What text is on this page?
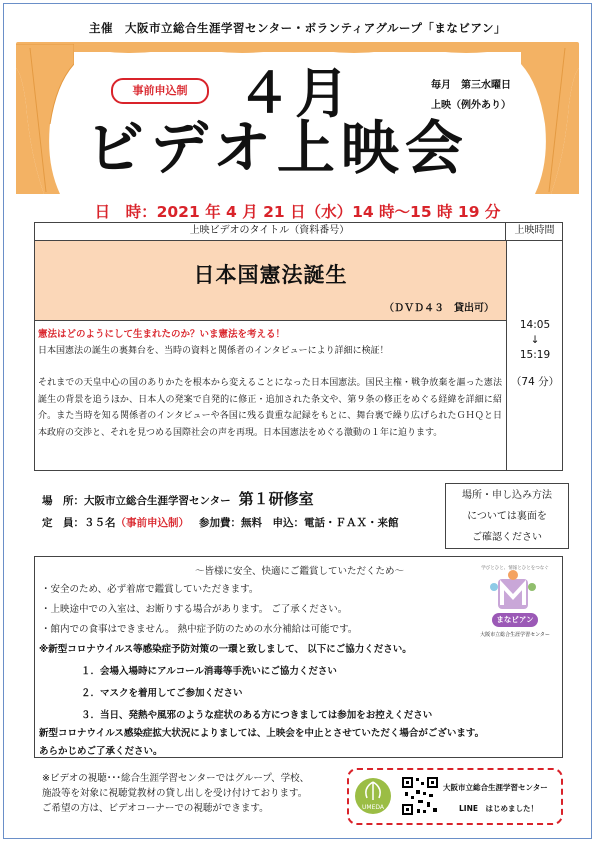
主催　大阪市立総合生涯学習センター・ボランティアグループ「まなビアン」
事前申込制 ４月
ビデオ上映会
毎月　第三水曜日
上映（例外あり）
日　時：2021 年 4 月 21 日（水）14 時～15 時 19 分
上映ビデオのタイトル（資料番号）	上映時間
日本国憲法誕生
（ＤＶＤ４３　貸出可）
14:05
↓
15:19
（74 分）
憲法はどのようにして生まれたのか？いま憲法を考える！
日本国憲法の誕生の裏舞台を、当時の資料と関係者のインタビューにより詳細に検証！
それまでの天皇中心の国のありかたを根本から変えることになった日本国憲法。国民主権・戦争放棄を謳った憲法誕生の背景を追うほか、日本人の発案で自発的に修正・追加された条文や、第９条の修正をめぐる経緯を詳細に紹介。また当時を知る関係者のインタビューや各国に残る貴重な記録をもとに、舞台裏で繰り広げられたＧＨＱと日本政府の交渉と、それを見つめる国際社会の声を再現。日本国憲法をめぐる激動の１年に迫ります。
場　所：大阪市立総合生涯学習センター 第１研修室
定　員：３５名（事前申込制） 参加費：無料　申込：電話・ＦＡＸ・来館
場所・申し込み方法
については裏面を
ご確認ください
～皆様に安全、快適にご鑑賞していただくため～
・安全のため、必ず着席で鑑賞していただきます。
・上映途中での入室は、お断りする場合があります。 ご了承ください。
・館内での食事はできません。 熱中症予防のための水分補給は可能です。
※新型コロナウイルス等感染症予防対策の一環と致しまして、 以下にご協力ください。
１．会場入場時にアルコール消毒等手洗いにご協力ください
２．マスクを着用してご参加ください
３．当日、発熱や風邪のような症状のある方につきましては参加をお控えください
新型コロナウイルス感染症拡大状況によりましては、上映会を中止とさせていただく場合がございます。
あらかじめご了承ください。
まなビアン
大阪市立総合生涯学習センター
学びとひと、情報とひとをつなぐ
※ビデオの視聴･･･総合生涯学習センターではグループ、学校、
施設等を対象に視聴覚教材の貸し出しを受け付けております。
ご希望の方は、ビデオコーナーでの視聴ができます。	UMEDA
大阪市立総合生涯学習センター
LINE　はじめました！
